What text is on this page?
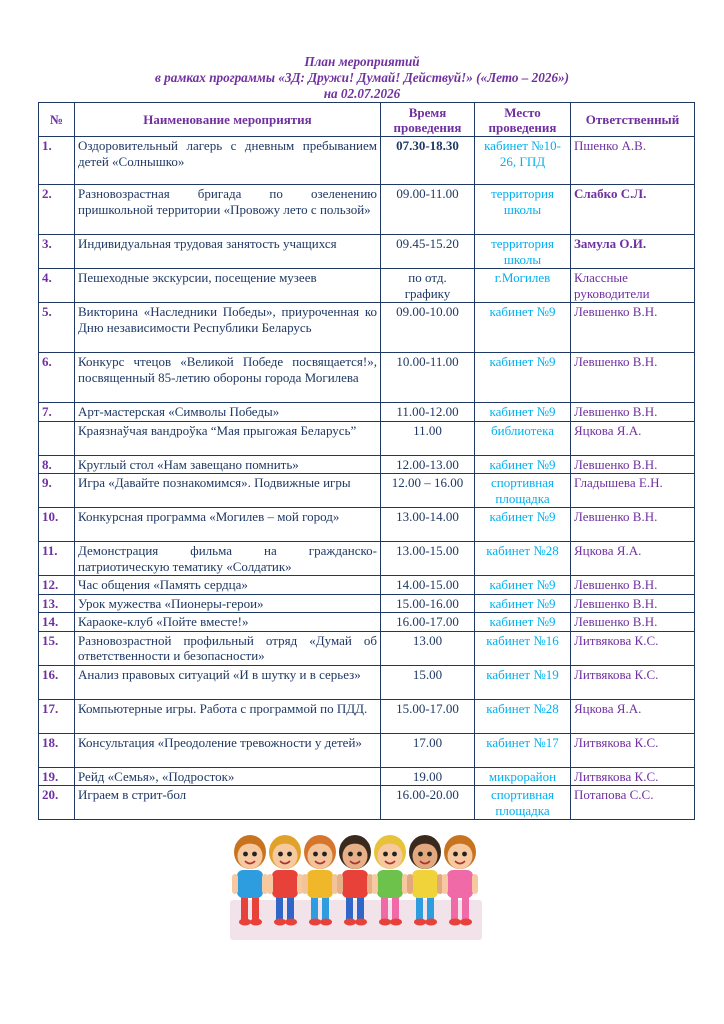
План мероприятий
в рамках программы «3Д: Дружи! Думай! Действуй!» («Лето – 2026»)
на 02.07.2026
№	Наименование мероприятия	Время проведения	Место проведения	Ответственный
1.	Оздоровительный лагерь с дневным пребыванием детей «Солнышко»	07.30-18.30	кабинет №10-26, ГПД	Пшенко А.В.
2.	Разновозрастная бригада по озеленению пришкольной территории «Провожу лето с пользой»	09.00-11.00	территория школы	Слабко С.Л.
3.	Индивидуальная трудовая занятость учащихся	09.45-15.20	территория школы	Замула О.И.
4.	Пешеходные экскурсии, посещение музеев	по отд. графику	г.Могилев	Классные руководители
5.	Викторина «Наследники Победы», приуроченная ко Дню независимости Республики Беларусь	09.00-10.00	кабинет №9	Левшенко В.Н.
6.	Конкурс чтецов «Великой Победе посвящается!», посвященный 85-летию обороны города Могилева	10.00-11.00	кабинет №9	Левшенко В.Н.
7.	Арт-мастерская «Символы Победы»	11.00-12.00	кабинет №9	Левшенко В.Н.
	Краязнаўчая вандроўка “Мая прыгожая Беларусь”	11.00	библиотека	Яцкова Я.А.
8.	Круглый стол «Нам завещано помнить»	12.00-13.00	кабинет №9	Левшенко В.Н.
9.	Игра «Давайте познакомимся». Подвижные игры	12.00 – 16.00	спортивная площадка	Гладышева Е.Н.
10.	Конкурсная программа «Могилев – мой город»	13.00-14.00	кабинет №9	Левшенко В.Н.
11.	Демонстрация фильма на гражданско-патриотическую тематику «Солдатик»	13.00-15.00	кабинет №28	Яцкова Я.А.
12.	Час общения «Память сердца»	14.00-15.00	кабинет №9	Левшенко В.Н.
13.	Урок мужества «Пионеры-герои»	15.00-16.00	кабинет №9	Левшенко В.Н.
14.	Караоке-клуб «Пойте вместе!»	16.00-17.00	кабинет №9	Левшенко В.Н.
15.	Разновозрастной профильный отряд «Думай об ответственности и безопасности»	13.00	кабинет №16	Литвякова К.С.
16.	Анализ правовых ситуаций «И в шутку и в серьез»	15.00	кабинет №19	Литвякова К.С.
17.	Компьютерные игры. Работа с программой по ПДД.	15.00-17.00	кабинет №28	Яцкова Я.А.
18.	Консультация «Преодоление тревожности у детей»	17.00	кабинет №17	Литвякова К.С.
19.	Рейд «Семья», «Подросток»	19.00	микрорайон	Литвякова К.С.
20.	Играем в стрит-бол	16.00-20.00	спортивная площадка	Потапова С.С.
